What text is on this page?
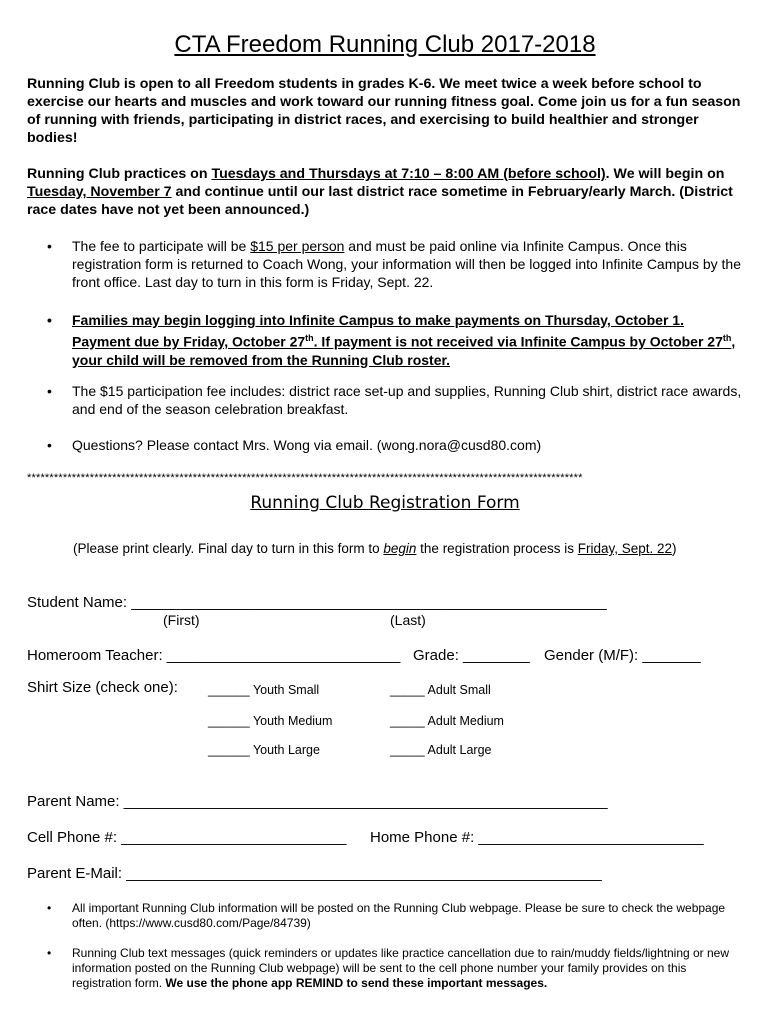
CTA Freedom Running Club 2017-2018
Running Club is open to all Freedom students in grades K-6. We meet twice a week before school to exercise our hearts and muscles and work toward our running fitness goal. Come join us for a fun season of running with friends, participating in district races, and exercising to build healthier and stronger bodies!
Running Club practices on Tuesdays and Thursdays at 7:10 – 8:00 AM (before school). We will begin on Tuesday, November 7 and continue until our last district race sometime in February/early March. (District race dates have not yet been announced.)
• The fee to participate will be $15 per person and must be paid online via Infinite Campus. Once this registration form is returned to Coach Wong, your information will then be logged into Infinite Campus by the front office. Last day to turn in this form is Friday, Sept. 22.
• Families may begin logging into Infinite Campus to make payments on Thursday, October 1. Payment due by Friday, October 27th. If payment is not received via Infinite Campus by October 27th, your child will be removed from the Running Club roster.
• The $15 participation fee includes: district race set-up and supplies, Running Club shirt, district race awards, and end of the season celebration breakfast.
• Questions? Please contact Mrs. Wong via email. (wong.nora@cusd80.com)
****************************************************************************************************************************
Running Club Registration Form
(Please print clearly. Final day to turn in this form to begin the registration process is Friday, Sept. 22)
Student Name: _________________________________________________________
(First)	(Last)
Homeroom Teacher: ____________________________ Grade: ________ Gender (M/F): _______
Shirt Size (check one): ______ Youth Small	_____ Adult Small
______ Youth Medium	_____ Adult Medium
______ Youth Large	_____ Adult Large
Parent Name: __________________________________________________________
Cell Phone #: ___________________________ Home Phone #: ___________________________
Parent E-Mail: _________________________________________________________
• All important Running Club information will be posted on the Running Club webpage. Please be sure to check the webpage often. (https://www.cusd80.com/Page/84739)
• Running Club text messages (quick reminders or updates like practice cancellation due to rain/muddy fields/lightning or new information posted on the Running Club webpage) will be sent to the cell phone number your family provides on this registration form. We use the phone app REMIND to send these important messages.
